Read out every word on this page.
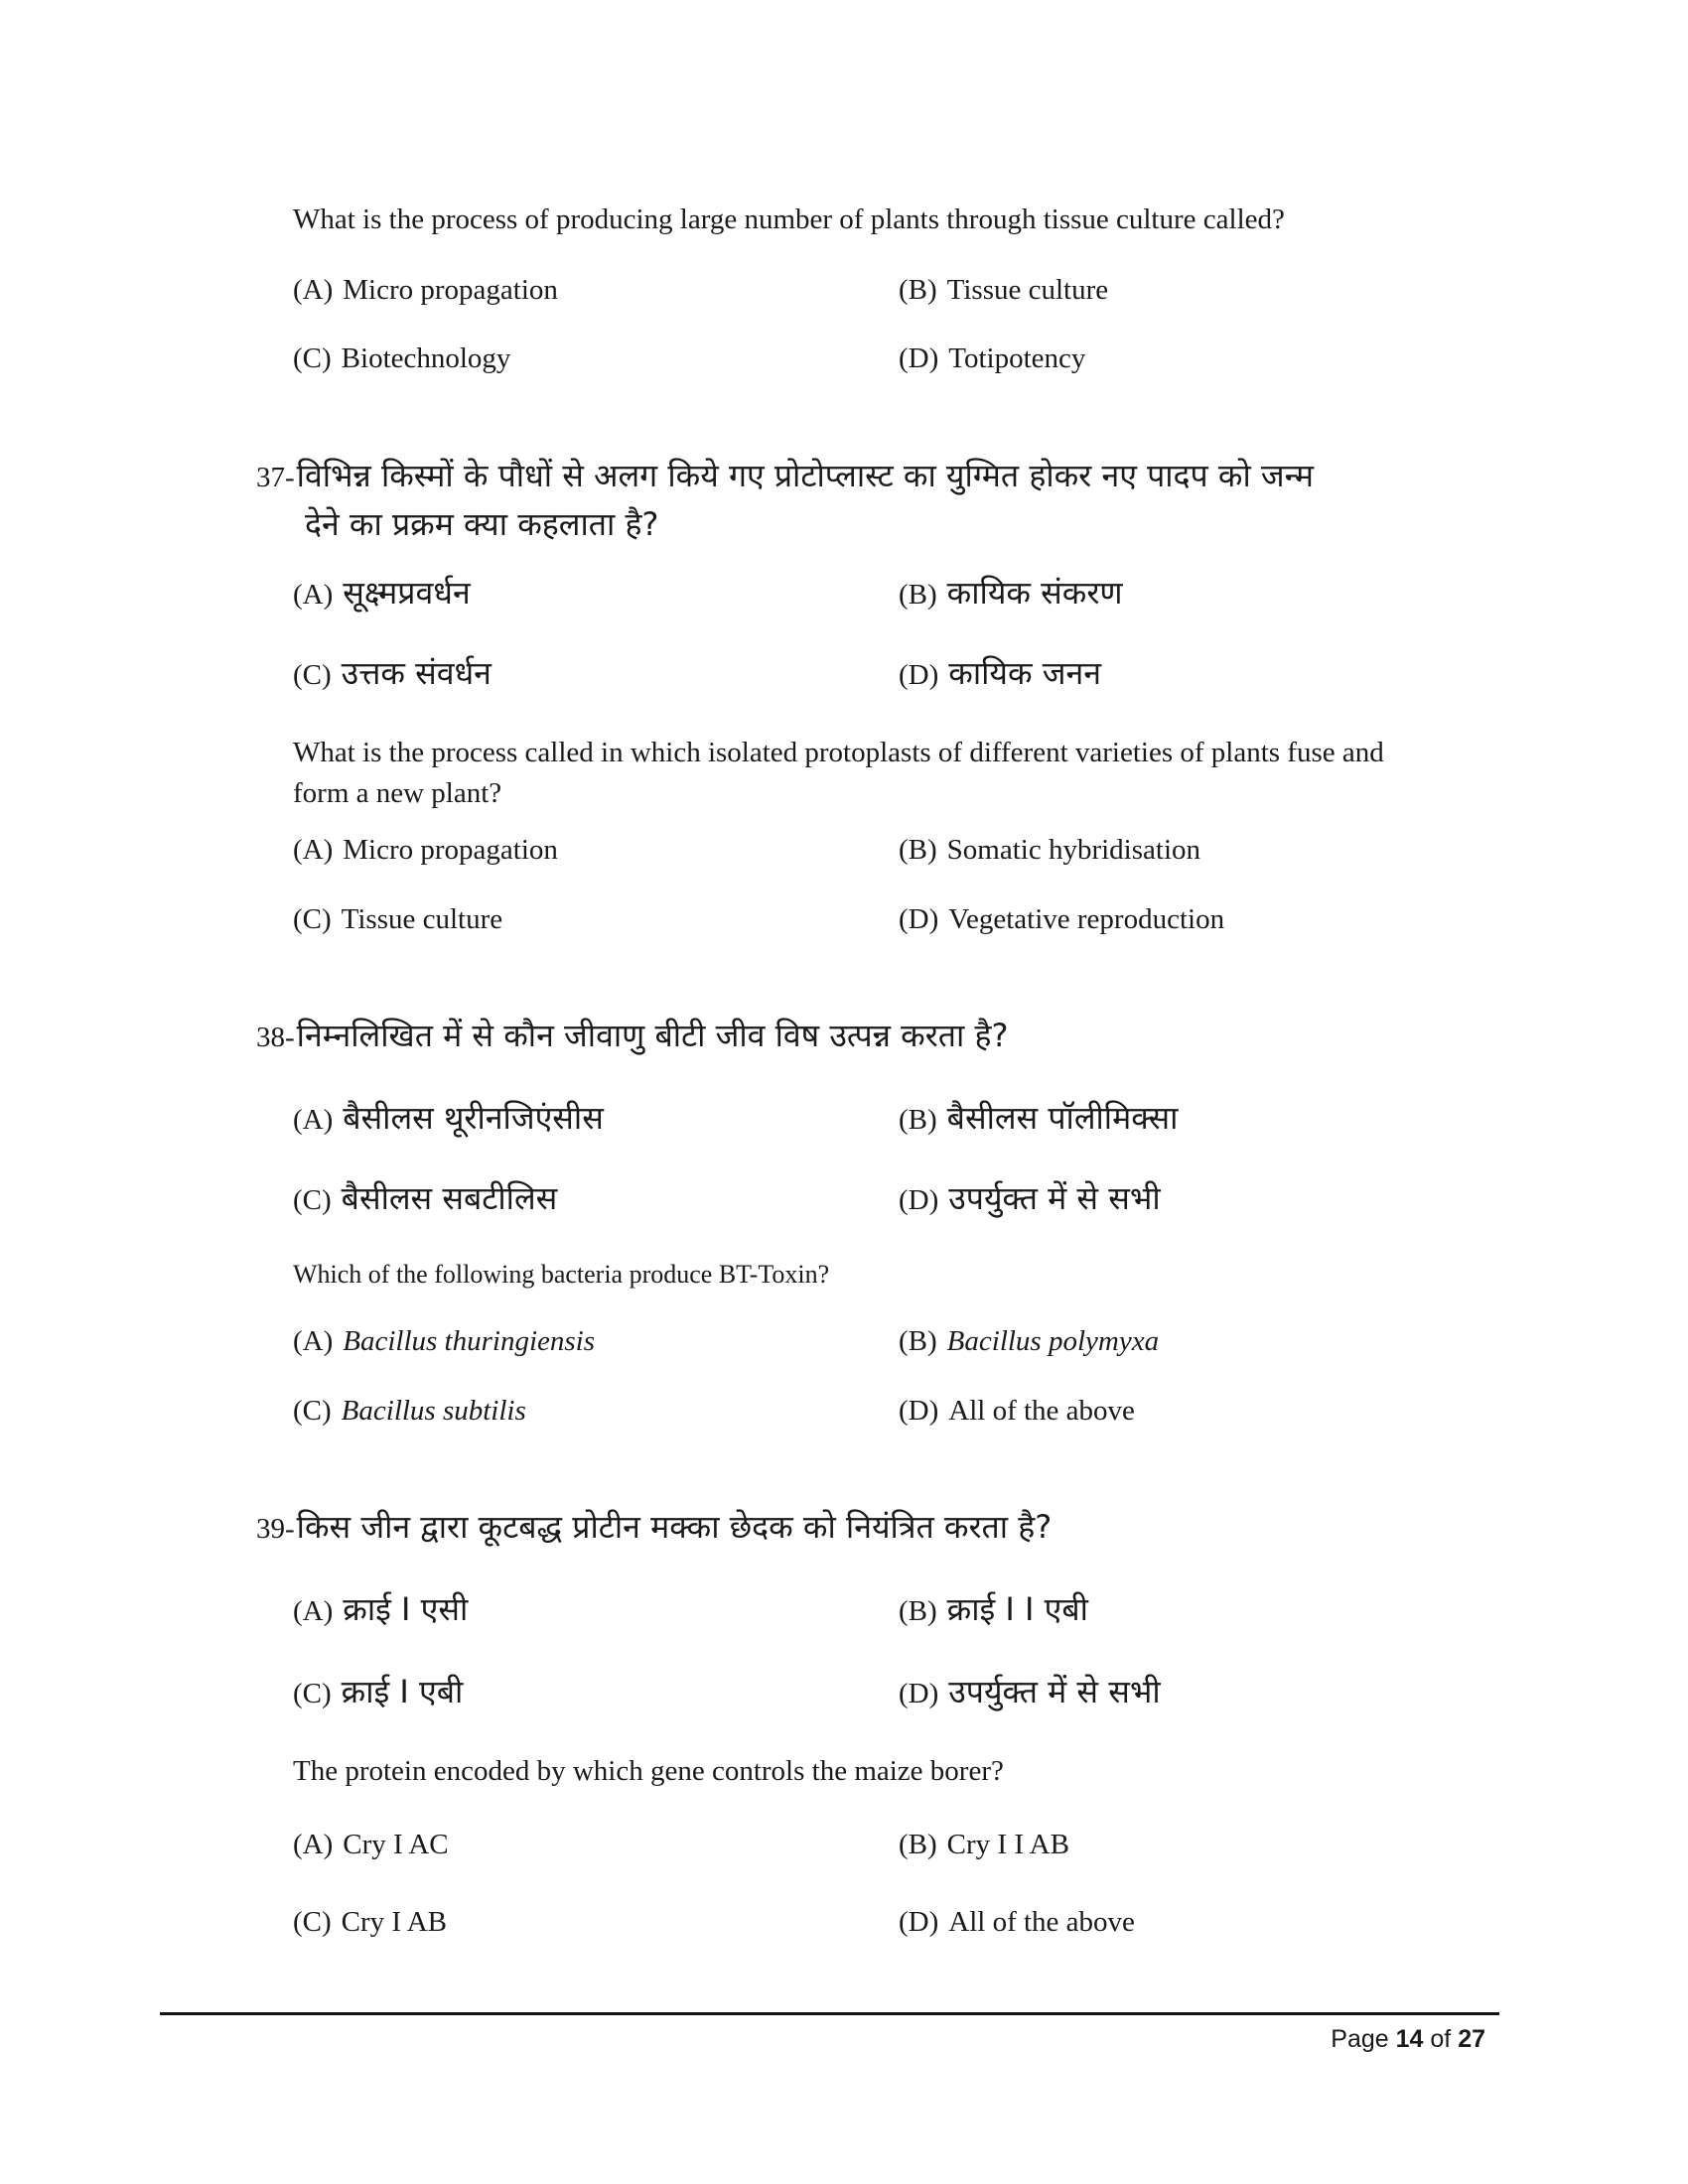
What is the process of producing large number of plants through tissue culture called?
(A) Micro propagation	(B) Tissue culture
(C) Biotechnology	(D) Totipotency
37-विभिन्न किस्मों के पौधों से अलग किये गए प्रोटोप्लास्ट का युग्मित होकर नए पादप को जन्म
देने का प्रक्रम क्या कहलाता है?
(A) सूक्ष्मप्रवर्धन	(B) कायिक संकरण
(C) उत्तक संवर्धन	(D) कायिक जनन
What is the process called in which isolated protoplasts of different varieties of plants fuse and
form a new plant?
(A) Micro propagation	(B) Somatic hybridisation
(C) Tissue culture	(D) Vegetative reproduction
38-निम्नलिखित में से कौन जीवाणु बीटी जीव विष उत्पन्न करता है?
(A) बैसीलस थूरीनजिएंसीस	(B) बैसीलस पॉलीमिक्सा
(C) बैसीलस सबटीलिस	(D) उपर्युक्त में से सभी
Which of the following bacteria produce BT-Toxin?
(A) Bacillus thuringiensis	(B) Bacillus polymyxa
(C) Bacillus subtilis	(D) All of the above
39-किस जीन द्वारा कूटबद्ध प्रोटीन मक्का छेदक को नियंत्रित करता है?
(A) क्राई I एसी	(B) क्राई I I एबी
(C) क्राई I एबी	(D) उपर्युक्त में से सभी
The protein encoded by which gene controls the maize borer?
(A) Cry I AC	(B) Cry I I AB
(C) Cry I AB	(D) All of the above
Page 14 of 27
